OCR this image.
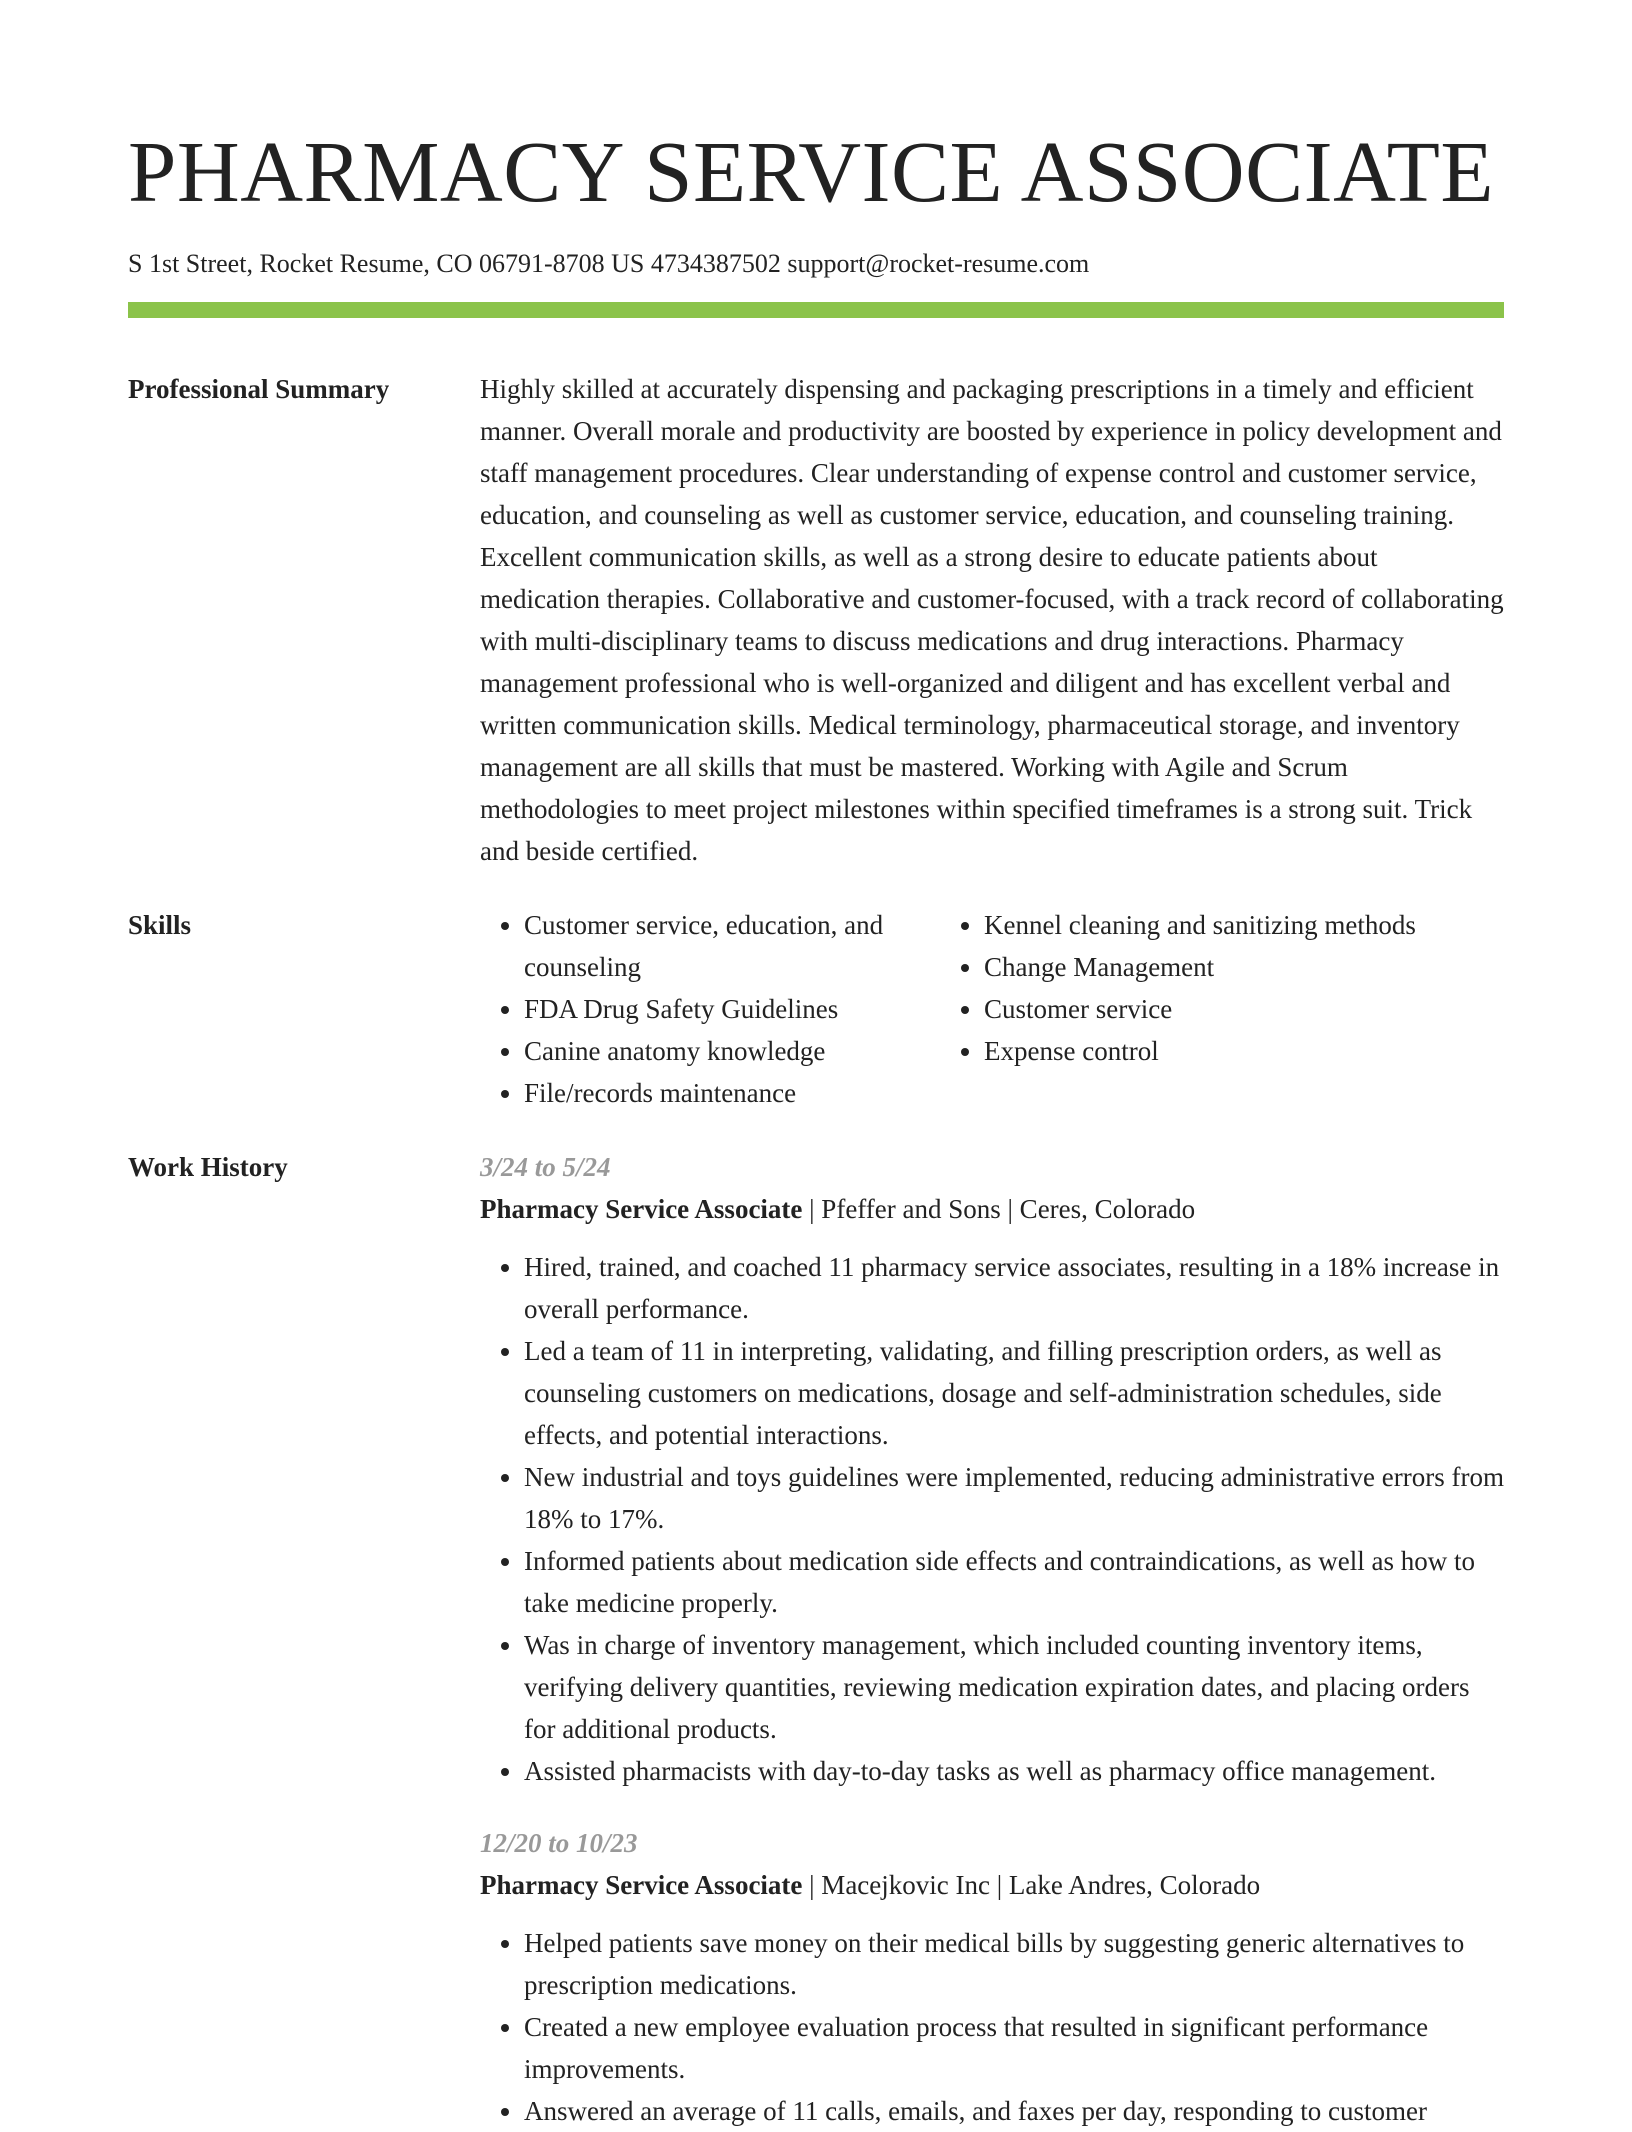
PHARMACY SERVICE ASSOCIATE
S 1st Street, Rocket Resume, CO 06791-8708 US 4734387502 support@rocket-resume.com
Professional Summary	Highly skilled at accurately dispensing and packaging prescriptions in a timely and efficient manner. Overall morale and productivity are boosted by experience in policy development and staff management procedures. Clear understanding of expense control and customer service, education, and counseling as well as customer service, education, and counseling training. Excellent communication skills, as well as a strong desire to educate patients about medication therapies. Collaborative and customer-focused, with a track record of collaborating with multi-disciplinary teams to discuss medications and drug interactions. Pharmacy management professional who is well-organized and diligent and has excellent verbal and written communication skills. Medical terminology, pharmaceutical storage, and inventory management are all skills that must be mastered. Working with Agile and Scrum methodologies to meet project milestones within specified timeframes is a strong suit. Trick and beside certified.
Skills
•	Customer service, education, and counseling
• FDA Drug Safety Guidelines
• Canine anatomy knowledge
• File/records maintenance
• Kennel cleaning and sanitizing methods
• Change Management
• Customer service
• Expense control
Work History	3/24 to 5/24
Pharmacy Service Associate | Pfeffer and Sons | Ceres, Colorado
• Hired, trained, and coached 11 pharmacy service associates, resulting in a 18% increase in overall performance.
• Led a team of 11 in interpreting, validating, and filling prescription orders, as well as counseling customers on medications, dosage and self-administration schedules, side effects, and potential interactions.
• New industrial and toys guidelines were implemented, reducing administrative errors from 18% to 17%.
• Informed patients about medication side effects and contraindications, as well as how to take medicine properly.
• Was in charge of inventory management, which included counting inventory items, verifying delivery quantities, reviewing medication expiration dates, and placing orders for additional products.
• Assisted pharmacists with day-to-day tasks as well as pharmacy office management.
12/20 to 10/23
Pharmacy Service Associate | Macejkovic Inc | Lake Andres, Colorado
• Helped patients save money on their medical bills by suggesting generic alternatives to prescription medications.
• Created a new employee evaluation process that resulted in significant performance improvements.
• Answered an average of 11 calls, emails, and faxes per day, responding to customer
